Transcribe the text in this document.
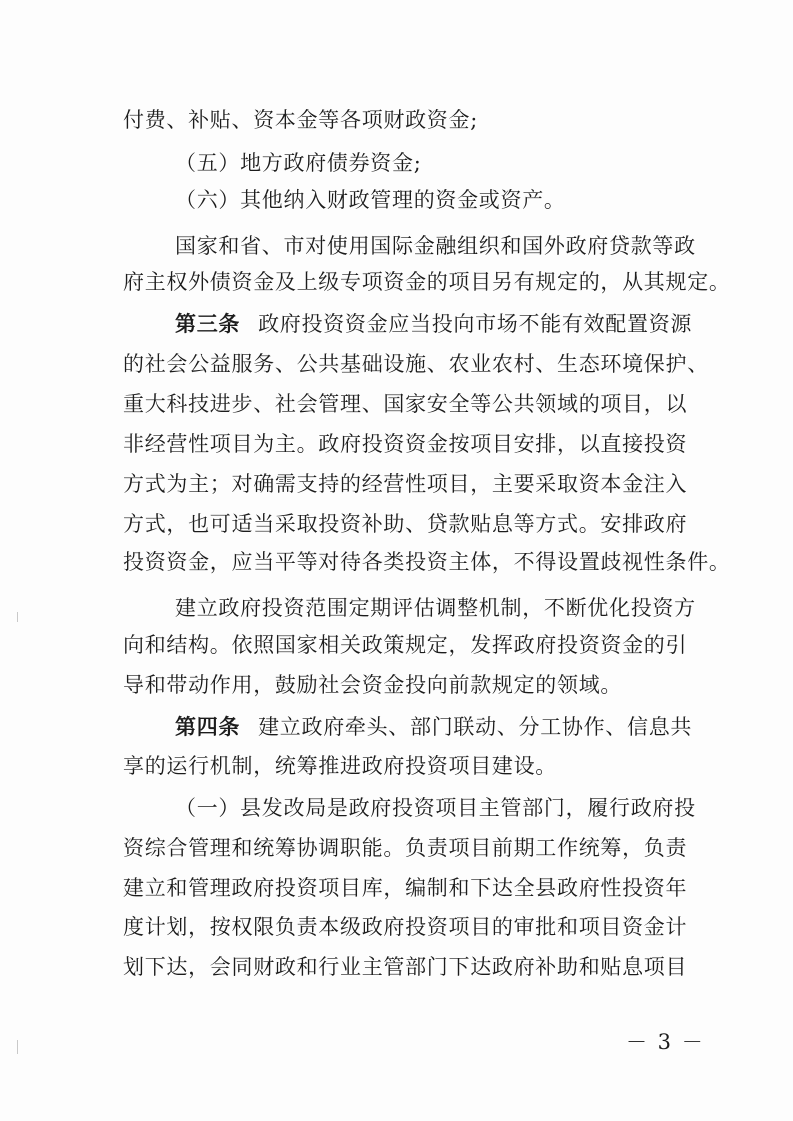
付费、补贴、资本金等各项财政资金;
（五）地方政府债券资金;
（六）其他纳入财政管理的资金或资产。
国家和省、市对使用国际金融组织和国外政府贷款等政
府主权外债资金及上级专项资金的项目另有规定的，从其规定。
第三条 政府投资资金应当投向市场不能有效配置资源
的社会公益服务、公共基础设施、农业农村、生态环境保护、
重大科技进步、社会管理、国家安全等公共领域的项目，以
非经营性项目为主。政府投资资金按项目安排，以直接投资
方式为主；对确需支持的经营性项目，主要采取资本金注入
方式，也可适当采取投资补助、贷款贴息等方式。安排政府
投资资金，应当平等对待各类投资主体，不得设置歧视性条件。
建立政府投资范围定期评估调整机制，不断优化投资方
向和结构。依照国家相关政策规定，发挥政府投资资金的引
导和带动作用，鼓励社会资金投向前款规定的领域。
第四条 建立政府牵头、部门联动、分工协作、信息共
享的运行机制，统筹推进政府投资项目建设。
（一）县发改局是政府投资项目主管部门，履行政府投
资综合管理和统筹协调职能。负责项目前期工作统筹，负责
建立和管理政府投资项目库，编制和下达全县政府性投资年
度计划，按权限负责本级政府投资项目的审批和项目资金计
划下达，会同财政和行业主管部门下达政府补助和贴息项目
－ 3 －
